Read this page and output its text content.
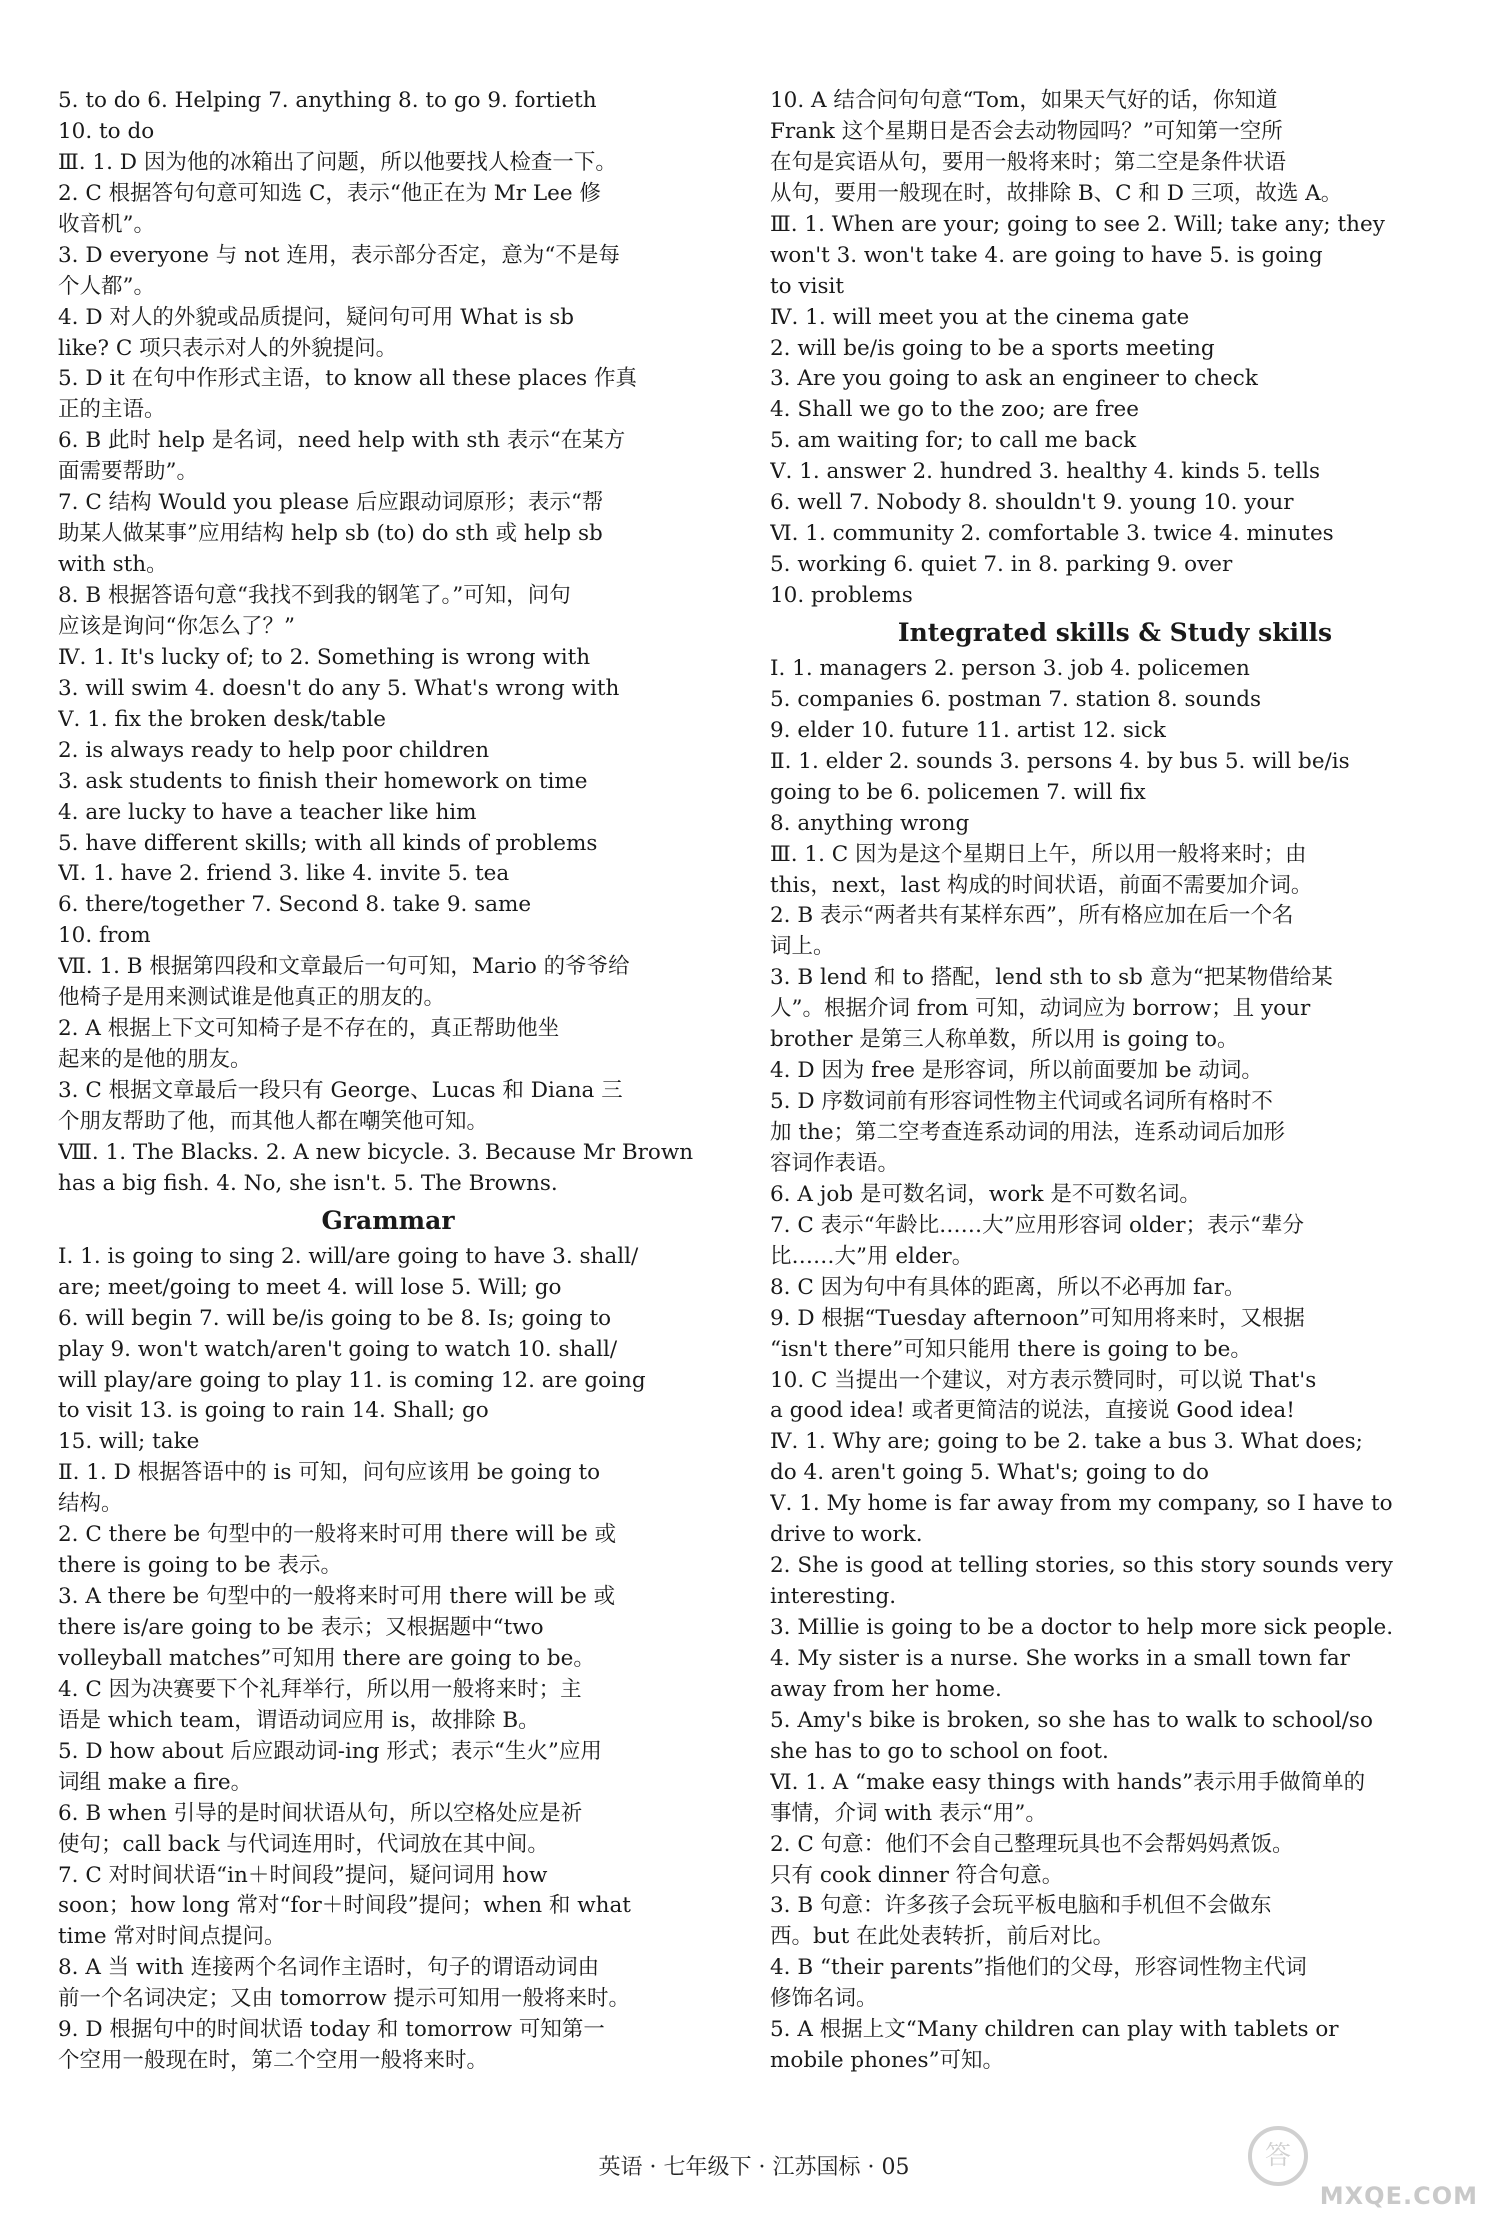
5. to do 6. Helping 7. anything 8. to go 9. fortieth
10. to do
Ⅲ. 1. D 因为他的冰箱出了问题，所以他要找人检查一下。
2. C 根据答句句意可知选 C，表示“他正在为 Mr Lee 修
收音机”。
3. D everyone 与 not 连用，表示部分否定，意为“不是每
个人都”。
4. D 对人的外貌或品质提问，疑问句可用 What is sb
like? C 项只表示对人的外貌提问。
5. D it 在句中作形式主语，to know all these places 作真
正的主语。
6. B 此时 help 是名词，need help with sth 表示“在某方
面需要帮助”。
7. C 结构 Would you please 后应跟动词原形；表示“帮
助某人做某事”应用结构 help sb (to) do sth 或 help sb
with sth。
8. B 根据答语句意“我找不到我的钢笔了。”可知，问句
应该是询问“你怎么了？”
Ⅳ. 1. It's lucky of; to 2. Something is wrong with
3. will swim 4. doesn't do any 5. What's wrong with
Ⅴ. 1. fix the broken desk/table
2. is always ready to help poor children
3. ask students to finish their homework on time
4. are lucky to have a teacher like him
5. have different skills; with all kinds of problems
Ⅵ. 1. have 2. friend 3. like 4. invite 5. tea
6. there/together 7. Second 8. take 9. same
10. from
Ⅶ. 1. B 根据第四段和文章最后一句可知，Mario 的爷爷给
他椅子是用来测试谁是他真正的朋友的。
2. A 根据上下文可知椅子是不存在的，真正帮助他坐
起来的是他的朋友。
3. C 根据文章最后一段只有 George、Lucas 和 Diana 三
个朋友帮助了他，而其他人都在嘲笑他可知。
Ⅷ. 1. The Blacks. 2. A new bicycle. 3. Because Mr Brown
has a big fish. 4. No, she isn't. 5. The Browns.
Grammar
Ⅰ. 1. is going to sing 2. will/are going to have 3. shall/
are; meet/going to meet 4. will lose 5. Will; go
6. will begin 7. will be/is going to be 8. Is; going to
play 9. won't watch/aren't going to watch 10. shall/
will play/are going to play 11. is coming 12. are going
to visit 13. is going to rain 14. Shall; go
15. will; take
Ⅱ. 1. D 根据答语中的 is 可知，问句应该用 be going to
结构。
2. C there be 句型中的一般将来时可用 there will be 或
there is going to be 表示。
3. A there be 句型中的一般将来时可用 there will be 或
there is/are going to be 表示；又根据题中“two
volleyball matches”可知用 there are going to be。
4. C 因为决赛要下个礼拜举行，所以用一般将来时；主
语是 which team，谓语动词应用 is，故排除 B。
5. D how about 后应跟动词-ing 形式；表示“生火”应用
词组 make a fire。
6. B when 引导的是时间状语从句，所以空格处应是祈
使句；call back 与代词连用时，代词放在其中间。
7. C 对时间状语“in＋时间段”提问，疑问词用 how
soon；how long 常对“for＋时间段”提问；when 和 what
time 常对时间点提问。
8. A 当 with 连接两个名词作主语时，句子的谓语动词由
前一个名词决定；又由 tomorrow 提示可知用一般将来时。
9. D 根据句中的时间状语 today 和 tomorrow 可知第一
个空用一般现在时，第二个空用一般将来时。
10. A 结合问句句意“Tom，如果天气好的话，你知道
Frank 这个星期日是否会去动物园吗？”可知第一空所
在句是宾语从句，要用一般将来时；第二空是条件状语
从句，要用一般现在时，故排除 B、C 和 D 三项，故选 A。
Ⅲ. 1. When are your; going to see 2. Will; take any; they
won't 3. won't take 4. are going to have 5. is going
to visit
Ⅳ. 1. will meet you at the cinema gate
2. will be/is going to be a sports meeting
3. Are you going to ask an engineer to check
4. Shall we go to the zoo; are free
5. am waiting for; to call me back
Ⅴ. 1. answer 2. hundred 3. healthy 4. kinds 5. tells
6. well 7. Nobody 8. shouldn't 9. young 10. your
Ⅵ. 1. community 2. comfortable 3. twice 4. minutes
5. working 6. quiet 7. in 8. parking 9. over
10. problems
Integrated skills & Study skills
Ⅰ. 1. managers 2. person 3. job 4. policemen
5. companies 6. postman 7. station 8. sounds
9. elder 10. future 11. artist 12. sick
Ⅱ. 1. elder 2. sounds 3. persons 4. by bus 5. will be/is
going to be 6. policemen 7. will fix
8. anything wrong
Ⅲ. 1. C 因为是这个星期日上午，所以用一般将来时；由
this，next，last 构成的时间状语，前面不需要加介词。
2. B 表示“两者共有某样东西”，所有格应加在后一个名
词上。
3. B lend 和 to 搭配，lend sth to sb 意为“把某物借给某
人”。根据介词 from 可知，动词应为 borrow；且 your
brother 是第三人称单数，所以用 is going to。
4. D 因为 free 是形容词，所以前面要加 be 动词。
5. D 序数词前有形容词性物主代词或名词所有格时不
加 the；第二空考查连系动词的用法，连系动词后加形
容词作表语。
6. A job 是可数名词，work 是不可数名词。
7. C 表示“年龄比……大”应用形容词 older；表示“辈分
比……大”用 elder。
8. C 因为句中有具体的距离，所以不必再加 far。
9. D 根据“Tuesday afternoon”可知用将来时，又根据
“isn't there”可知只能用 there is going to be。
10. C 当提出一个建议，对方表示赞同时，可以说 That's
a good idea! 或者更简洁的说法，直接说 Good idea!
Ⅳ. 1. Why are; going to be 2. take a bus 3. What does;
do 4. aren't going 5. What's; going to do
Ⅴ. 1. My home is far away from my company, so I have to
drive to work.
2. She is good at telling stories, so this story sounds very
interesting.
3. Millie is going to be a doctor to help more sick people.
4. My sister is a nurse. She works in a small town far
away from her home.
5. Amy's bike is broken, so she has to walk to school/so
she has to go to school on foot.
Ⅵ. 1. A “make easy things with hands”表示用手做简单的
事情，介词 with 表示“用”。
2. C 句意：他们不会自己整理玩具也不会帮妈妈煮饭。
只有 cook dinner 符合句意。
3. B 句意：许多孩子会玩平板电脑和手机但不会做东
西。but 在此处表转折，前后对比。
4. B “their parents”指他们的父母，形容词性物主代词
修饰名词。
5. A 根据上文“Many children can play with tablets or
mobile phones”可知。
英语 · 七年级下 · 江苏国标 · 05	答
MXQE.COM
